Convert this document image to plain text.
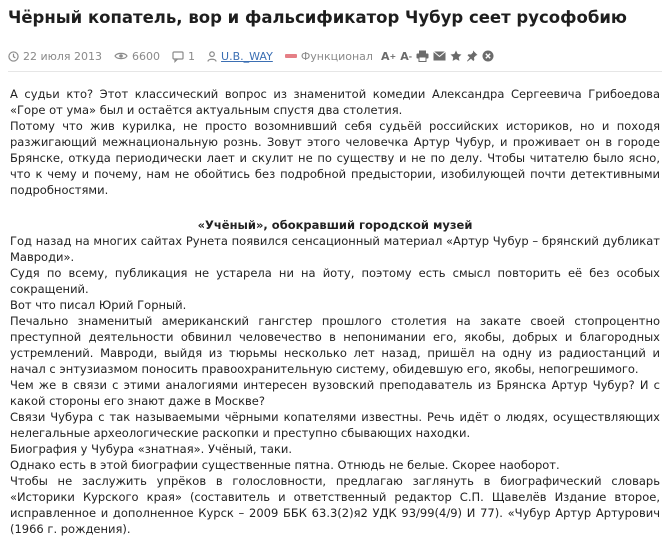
Чёрный копатель, вор и фальсификатор Чубур сеет русофобию
22 июля 2013	6600	1 U.B._WAY	Функционал A + A -

А судьи кто? Этот классический вопрос из знаменитой комедии Александра Сергеевича Грибоедова «Горе от ума» был и остаётся актуальным спустя два столетия.

Потому что жив курилка, не просто возомнивший себя судьёй российских историков, но и походя разжигающий межнациональную рознь. Зовут этого человечка Артур Чубур, и проживает он в городе Брянске, откуда периодически лает и скулит не по существу и не по делу. Чтобы читателю было ясно, что к чему и почему, нам не обойтись без подробной предыстории, изобилующей почти детективными подробностями.

«Учёный», обокравший городской музей

Год назад на многих сайтах Рунета появился сенсационный материал «Артур Чубур – брянский дубликат Мавроди».

Судя по всему, публикация не устарела ни на йоту, поэтому есть смысл повторить её без особых сокращений.

Вот что писал Юрий Горный.

Печально знаменитый американский гангстер прошлого столетия на закате своей стопроцентно преступной деятельности обвинил человечество в непонимании его, якобы, добрых и благородных устремлений. Мавроди, выйдя из тюрьмы несколько лет назад, пришёл на одну из радиостанций и начал с энтузиазмом поносить правоохранительную систему, обидевшую его, якобы, непогрешимого.

Чем же в связи с этими аналогиями интересен вузовский преподаватель из Брянска Артур Чубур? И с какой стороны его знают даже в Москве?

Связи Чубура с так называемыми чёрными копателями известны. Речь идёт о людях, осуществляющих нелегальные археологические раскопки и преступно сбывающих находки.

Биография у Чубура «знатная». Учёный, таки.

Однако есть в этой биографии существенные пятна. Отнюдь не белые. Скорее наоборот.

Чтобы не заслужить упрёков в голословности, предлагаю заглянуть в биографический словарь «Историки Курского края» (составитель и ответственный редактор С.П. Щавелёв Издание второе, исправленное и дополненное Курск – 2009 ББК 63.3(2)я2 УДК 93/99(4/9) И 77). «Чубур Артур Артурович (1966 г. рождения).
